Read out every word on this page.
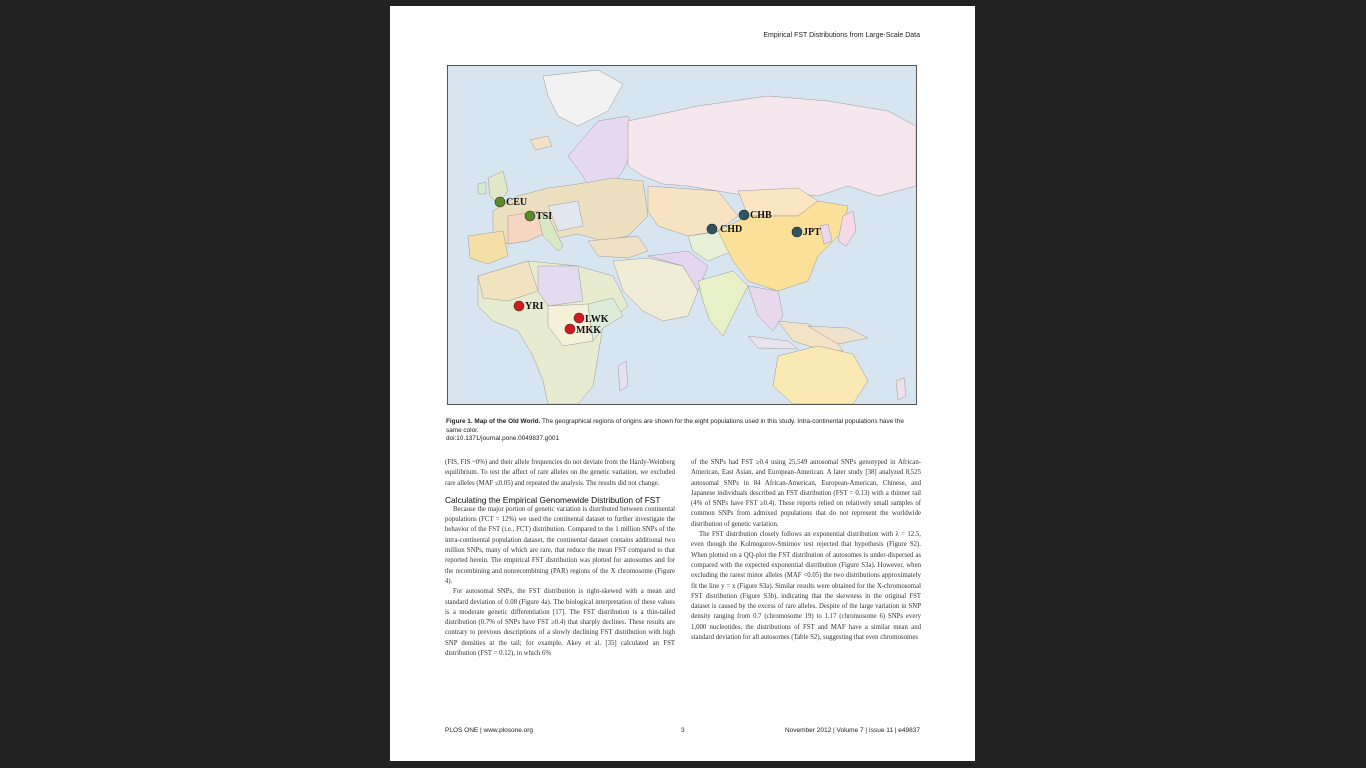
Empirical FST Distributions from Large-Scale Data
CEU
TSI	CHB
CHD	JPT
YRI
LWK
MKK
Figure 1. Map of the Old World. The geographical regions of origins are shown for the eight populations used in this study. Intra-continental populations have the same color.
doi:10.1371/journal.pone.0049837.g001

(FIS, FIS ~0%) and their allele frequencies do not deviate from the Hardy-Weinberg equilibrium. To test the affect of rare alleles on the genetic variation, we excluded rare alleles (MAF ≤0.05) and repeated the analysis. The results did not change.

Calculating the Empirical Genomewide Distribution of FST

Because the major portion of genetic variation is distributed between continental populations (FCT = 12%) we used the continental dataset to further investigate the behavior of the FST (i.e., FCT) distribution. Compared to the 1 million SNPs of the intra-continental population dataset, the continental dataset contains additional two million SNPs, many of which are rare, that reduce the mean FST compared to that reported herein. The empirical FST distribution was plotted for autosomes and for the recombining and nonrecombining (PAR) regions of the X chromosome (Figure 4).

For autosomal SNPs, the FST distribution is right-skewed with a mean and standard deviation of 0.08 (Figure 4a). The biological interpretation of these values is a moderate genetic differentiation [17]. The FST distribution is a thin-tailed distribution (0.7% of SNPs have FST ≥0.4) that sharply declines. These results are contrary to previous descriptions of a slowly declining FST distribution with high SNP densities at the tail; for example, Akey et al. [35] calculated an FST distribution (FST = 0.12), in which 6%

of the SNPs had FST ≥0.4 using 25,549 autosomal SNPs genotyped in African-American, East Asian, and European-American. A later study [38] analyzed 8,525 autosomal SNPs in 84 African-American, European-American, Chinese, and Japanese individuals described an FST distribution (FST = 0.13) with a thinner tail (4% of SNPs have FST ≥0.4). These reports relied on relatively small samples of common SNPs from admixed populations that do not represent the worldwide distribution of genetic variation.

The FST distribution closely follows an exponential distribution with λ = 12.5, even though the Kolmogorov-Smirnov test rejected that hypothesis (Figure S2). When plotted on a QQ-plot the FST distribution of autosomes is under-dispersed as compared with the expected exponential distribution (Figure S3a). However, when excluding the rarest minor alleles (MAF <0.05) the two distributions approximately fit the line y = x (Figure S3a). Similar results were obtained for the X-chromosomal FST distribution (Figure S3b), indicating that the skewness in the original FST dataset is caused by the excess of rare alleles. Despite of the large variation in SNP density ranging from 0.7 (chromosome 19) to 1.17 (chromosome 6) SNPs every 1,000 nucleotides, the distributions of FST and MAF have a similar mean and standard deviation for all autosomes (Table S2), suggesting that even chromosomes

PLOS ONE | www.plosone.org	3	November 2012 | Volume 7 | Issue 11 | e49837
